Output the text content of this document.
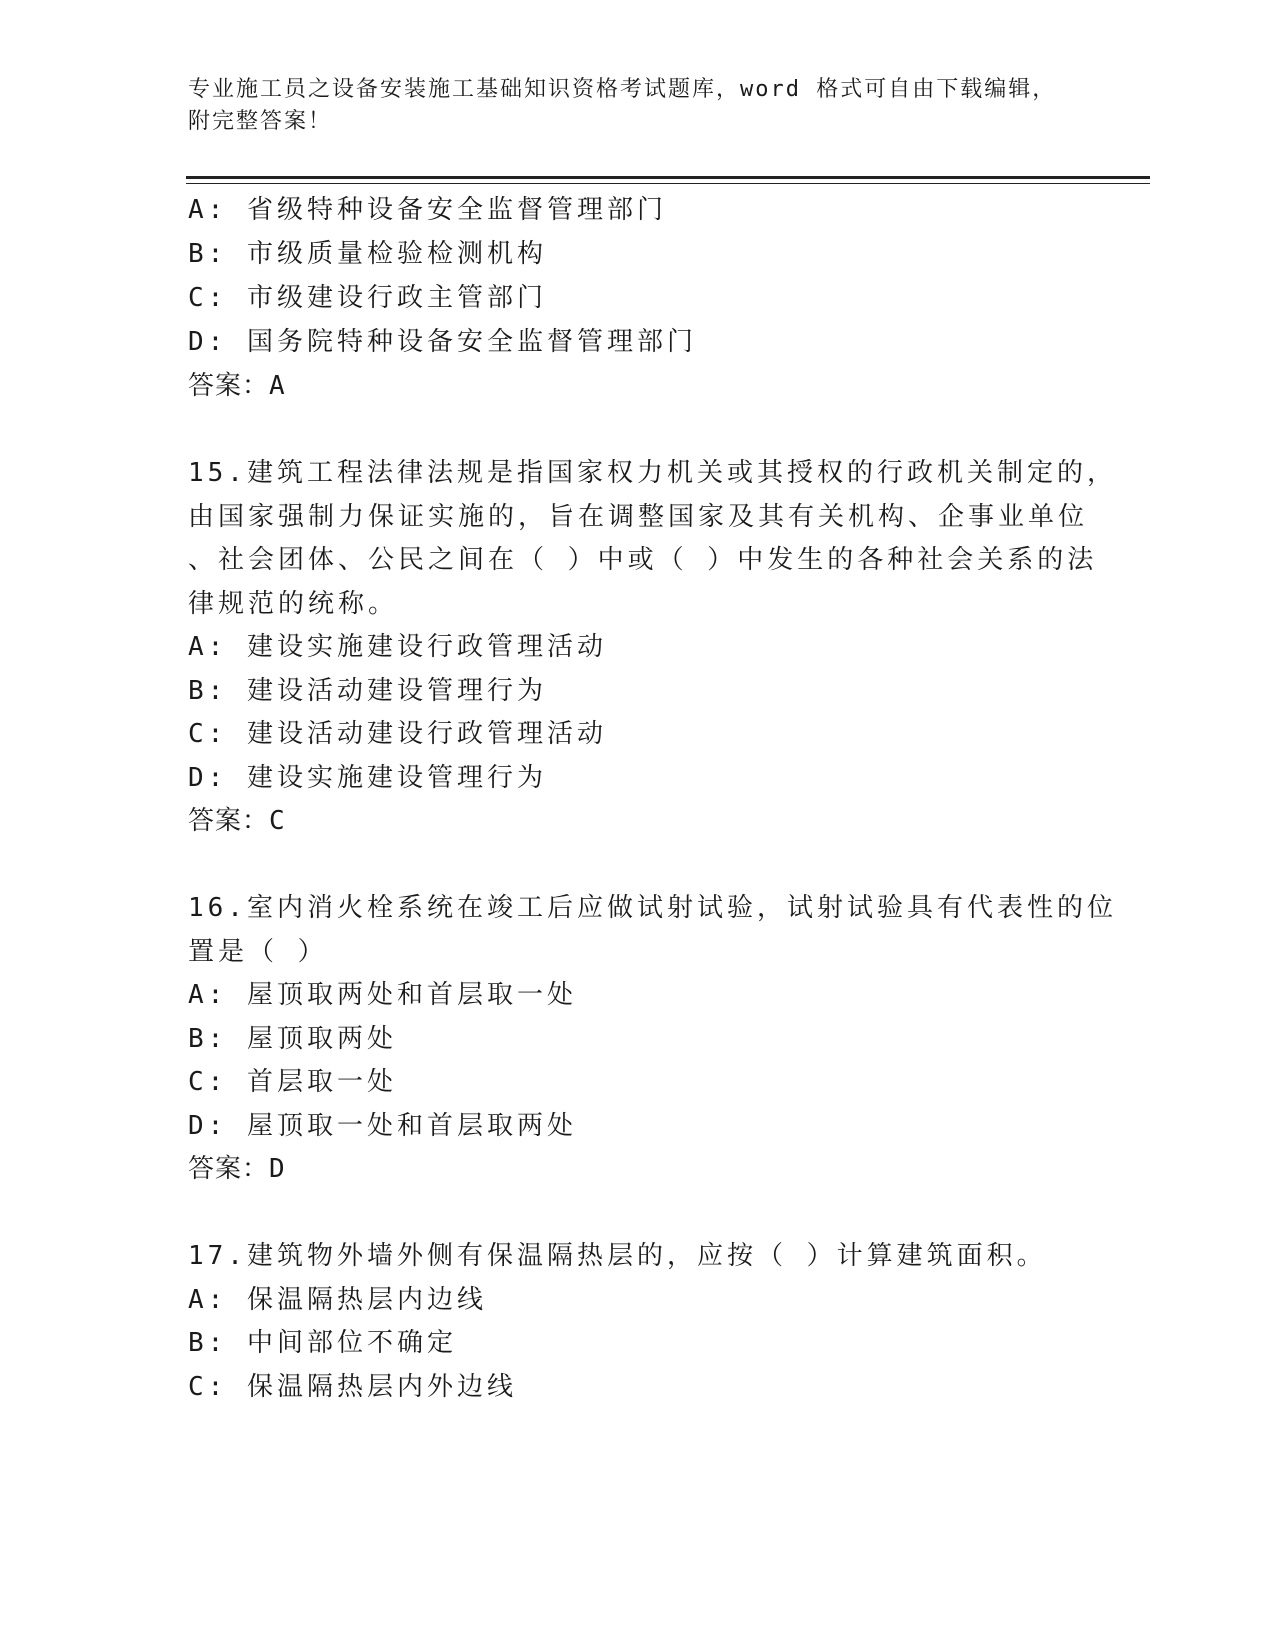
专业施工员之设备安装施工基础知识资格考试题库，word 格式可自由下载编辑，
附完整答案！
A: 省级特种设备安全监督管理部门
B: 市级质量检验检测机构
C: 市级建设行政主管部门
D: 国务院特种设备安全监督管理部门
答案：A
15.建筑工程法律法规是指国家权力机关或其授权的行政机关制定的，
由国家强制力保证实施的，旨在调整国家及其有关机构、企事业单位
、社会团体、公民之间在（ ）中或（ ）中发生的各种社会关系的法
律规范的统称。
A: 建设实施建设行政管理活动
B: 建设活动建设管理行为
C: 建设活动建设行政管理活动
D: 建设实施建设管理行为
答案：C
16.室内消火栓系统在竣工后应做试射试验，试射试验具有代表性的位
置是（ ）
A: 屋顶取两处和首层取一处
B: 屋顶取两处
C: 首层取一处
D: 屋顶取一处和首层取两处
答案：D
17.建筑物外墙外侧有保温隔热层的，应按（ ）计算建筑面积。
A: 保温隔热层内边线
B: 中间部位不确定
C: 保温隔热层内外边线
